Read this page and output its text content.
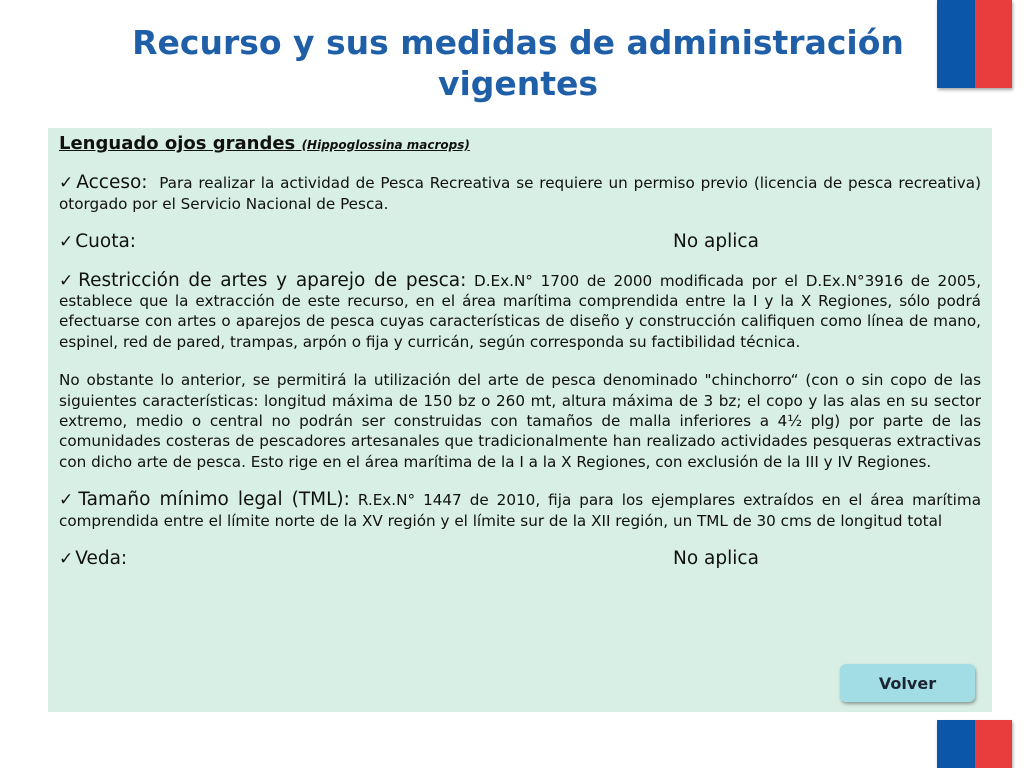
Recurso y sus medidas de administración vigentes

Lenguado ojos grandes (Hippoglossina macrops)

✓ Acceso: Para realizar la actividad de Pesca Recreativa se requiere un permiso previo (licencia de pesca recreativa) otorgado por el Servicio Nacional de Pesca.

✓ Cuota:	No aplica

✓ Restricción de artes y aparejo de pesca: D.Ex.N° 1700 de 2000 modificada por el D.Ex.N°3916 de 2005, establece que la extracción de este recurso, en el área marítima comprendida entre la I y la X Regiones, sólo podrá efectuarse con artes o aparejos de pesca cuyas características de diseño y construcción califiquen como línea de mano, espinel, red de pared, trampas, arpón o fija y curricán, según corresponda su factibilidad técnica.

No obstante lo anterior, se permitirá la utilización del arte de pesca denominado "chinchorro“ (con o sin copo de las siguientes características: longitud máxima de 150 bz o 260 mt, altura máxima de 3 bz; el copo y las alas en su sector extremo, medio o central no podrán ser construidas con tamaños de malla inferiores a 4½ plg) por parte de las comunidades costeras de pescadores artesanales que tradicionalmente han realizado actividades pesqueras extractivas con dicho arte de pesca. Esto rige en el área marítima de la I a la X Regiones, con exclusión de la III y IV Regiones.

✓ Tamaño mínimo legal (TML): R.Ex.N° 1447 de 2010, fija para los ejemplares extraídos en el área marítima comprendida entre el límite norte de la XV región y el límite sur de la XII región, un TML de 30 cms de longitud total

✓ Veda:	No aplica
Volver
